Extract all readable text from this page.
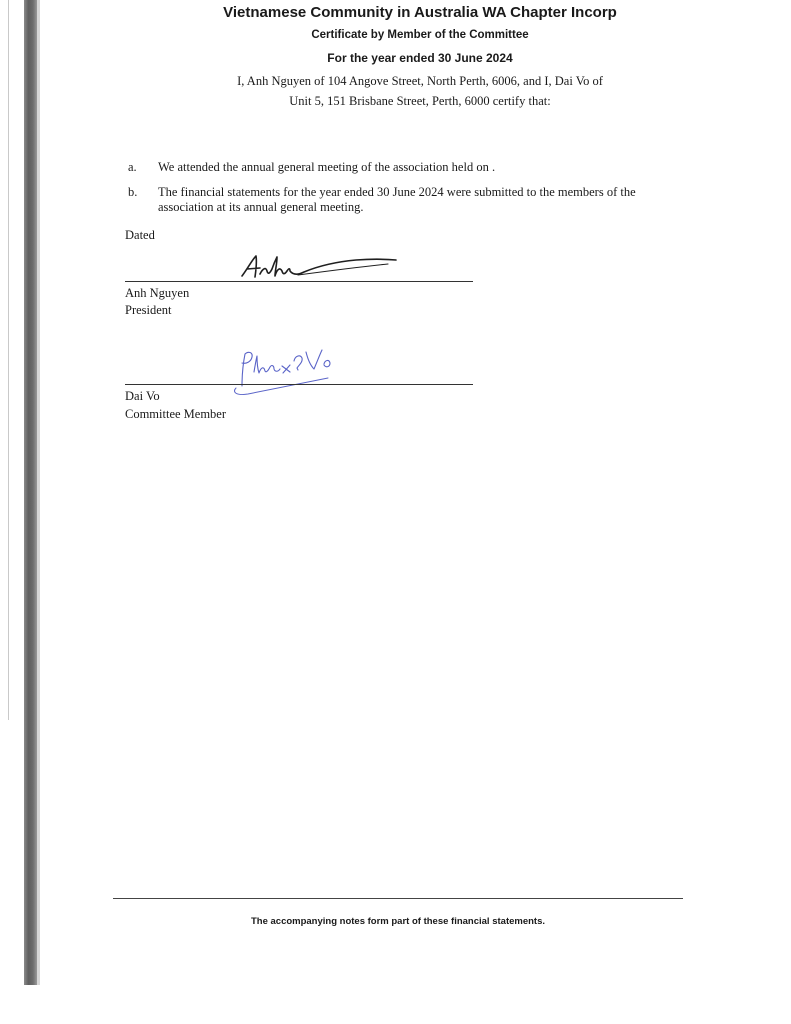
Vietnamese Community in Australia WA Chapter Incorp
Certificate by Member of the Committee
For the year ended 30 June 2024
I, Anh Nguyen of 104 Angove Street, North Perth, 6006, and I, Dai Vo of
Unit 5, 151 Brisbane Street, Perth, 6000 certify that:
a. We attended the annual general meeting of the association held on .
b. The financial statements for the year ended 30 June 2024 were submitted to the members of the association at its annual general meeting.
Dated
Anh Nguyen
President
Dai Vo
Committee Member
The accompanying notes form part of these financial statements.
